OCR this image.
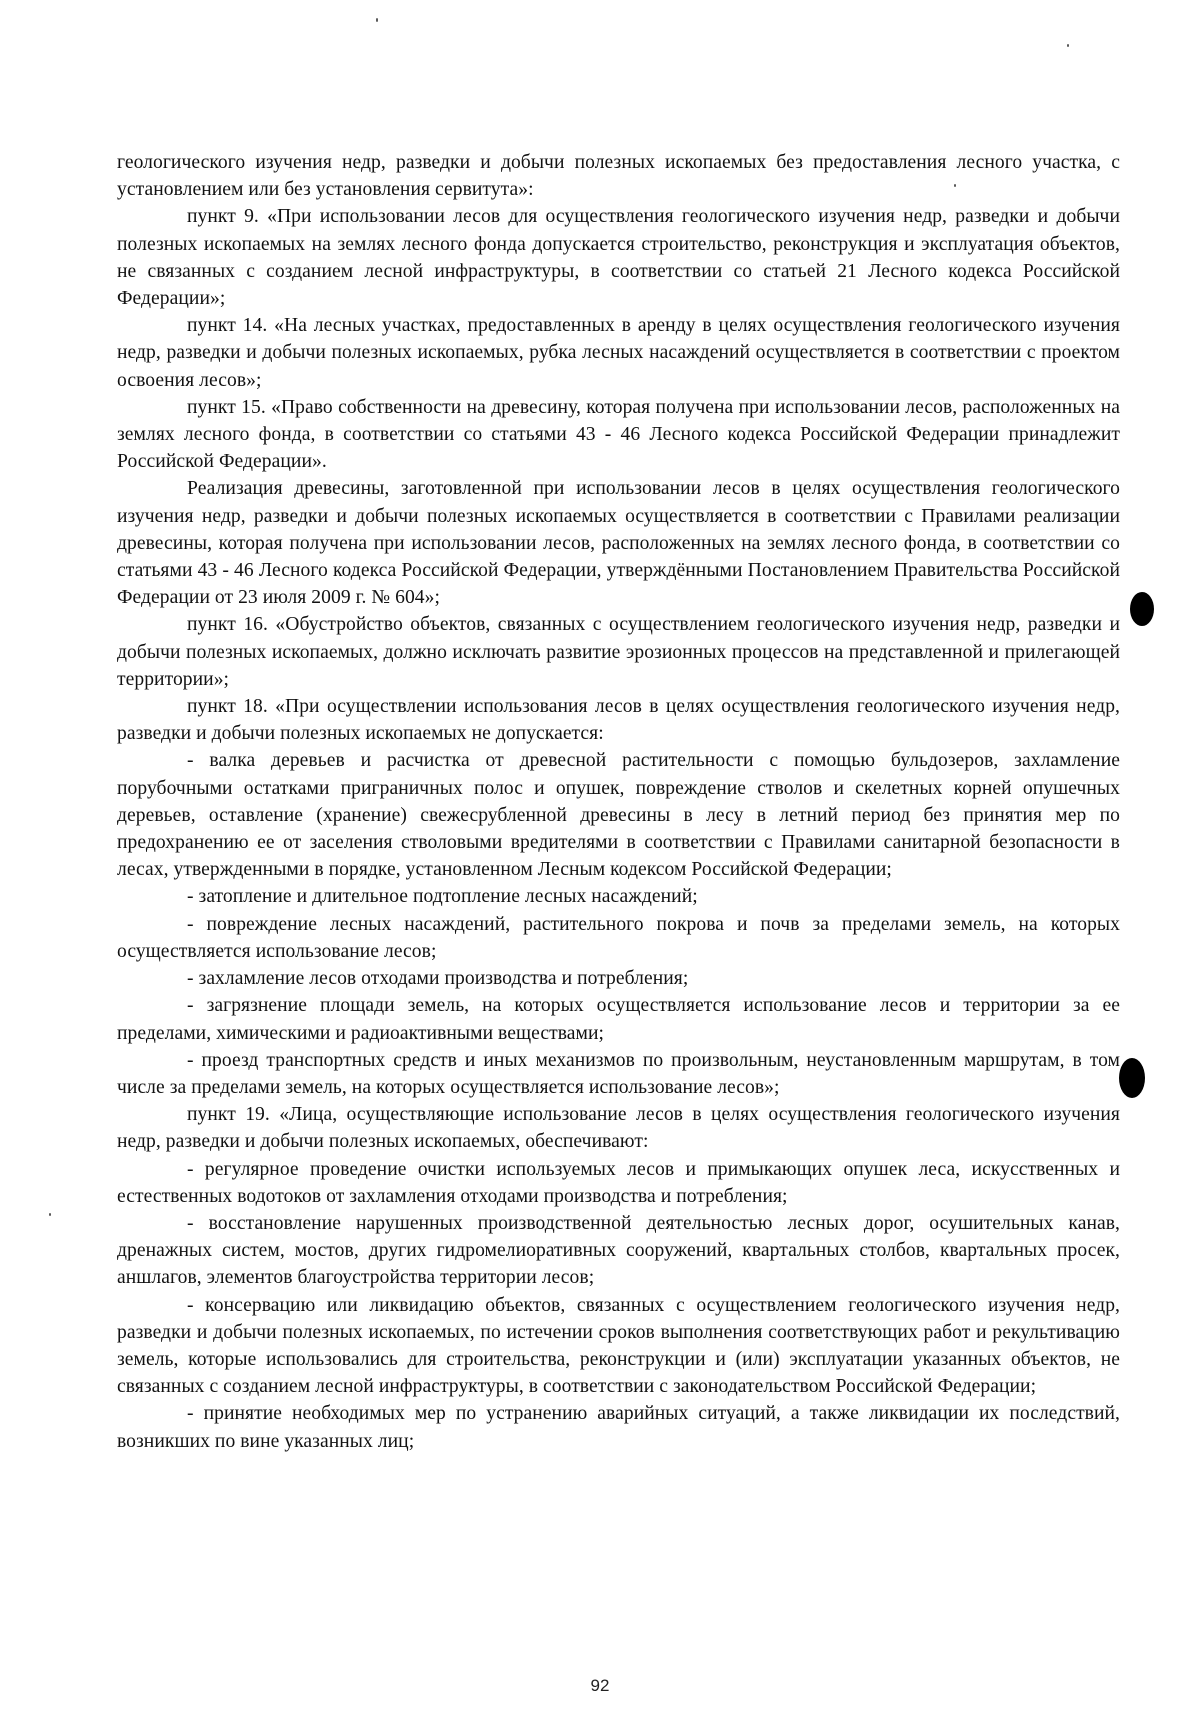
геологического изучения недр, разведки и добычи полезных ископаемых без предоставления лесного участка, с установлением или без установления сервитута»:

пункт 9. «При использовании лесов для осуществления геологического изучения недр, разведки и добычи полезных ископаемых на землях лесного фонда допускается строительство, реконструкция и эксплуатация объектов, не связанных с созданием лесной инфраструктуры, в соответствии со статьей 21 Лесного кодекса Российской Федерации»;

пункт 14. «На лесных участках, предоставленных в аренду в целях осуществления геологического изучения недр, разведки и добычи полезных ископаемых, рубка лесных насаждений осуществляется в соответствии с проектом освоения лесов»;

пункт 15. «Право собственности на древесину, которая получена при использовании лесов, расположенных на землях лесного фонда, в соответствии со статьями 43 - 46 Лесного кодекса Российской Федерации принадлежит Российской Федерации».

Реализация древесины, заготовленной при использовании лесов в целях осуществления геологического изучения недр, разведки и добычи полезных ископаемых осуществляется в соответствии с Правилами реализации древесины, которая получена при использовании лесов, расположенных на землях лесного фонда, в соответствии со статьями 43 - 46 Лесного кодекса Российской Федерации, утверждёнными Постановлением Правительства Российской Федерации от 23 июля 2009 г. № 604»;

пункт 16. «Обустройство объектов, связанных с осуществлением геологического изучения недр, разведки и добычи полезных ископаемых, должно исключать развитие эрозионных процессов на представленной и прилегающей территории»;

пункт 18. «При осуществлении использования лесов в целях осуществления геологического изучения недр, разведки и добычи полезных ископаемых не допускается:

- валка деревьев и расчистка от древесной растительности с помощью бульдозеров, захламление порубочными остатками приграничных полос и опушек, повреждение стволов и скелетных корней опушечных деревьев, оставление (хранение) свежесрубленной древесины в лесу в летний период без принятия мер по предохранению ее от заселения стволовыми вредителями в соответствии с Правилами санитарной безопасности в лесах, утвержденными в порядке, установленном Лесным кодексом Российской Федерации;

- затопление и длительное подтопление лесных насаждений;

- повреждение лесных насаждений, растительного покрова и почв за пределами земель, на которых осуществляется использование лесов;

- захламление лесов отходами производства и потребления;

- загрязнение площади земель, на которых осуществляется использование лесов и территории за ее пределами, химическими и радиоактивными веществами;

- проезд транспортных средств и иных механизмов по произвольным, неустановленным маршрутам, в том числе за пределами земель, на которых осуществляется использование лесов»;

пункт 19. «Лица, осуществляющие использование лесов в целях осуществления геологического изучения недр, разведки и добычи полезных ископаемых, обеспечивают:

- регулярное проведение очистки используемых лесов и примыкающих опушек леса, искусственных и естественных водотоков от захламления отходами производства и потребления;

- восстановление нарушенных производственной деятельностью лесных дорог, осушительных канав, дренажных систем, мостов, других гидромелиоративных сооружений, квартальных столбов, квартальных просек, аншлагов, элементов благоустройства территории лесов;

- консервацию или ликвидацию объектов, связанных с осуществлением геологического изучения недр, разведки и добычи полезных ископаемых, по истечении сроков выполнения соответствующих работ и рекультивацию земель, которые использовались для строительства, реконструкции и (или) эксплуатации указанных объектов, не связанных с созданием лесной инфраструктуры, в соответствии с законодательством Российской Федерации;

- принятие необходимых мер по устранению аварийных ситуаций, а также ликвидации их последствий, возникших по вине указанных лиц;

92
